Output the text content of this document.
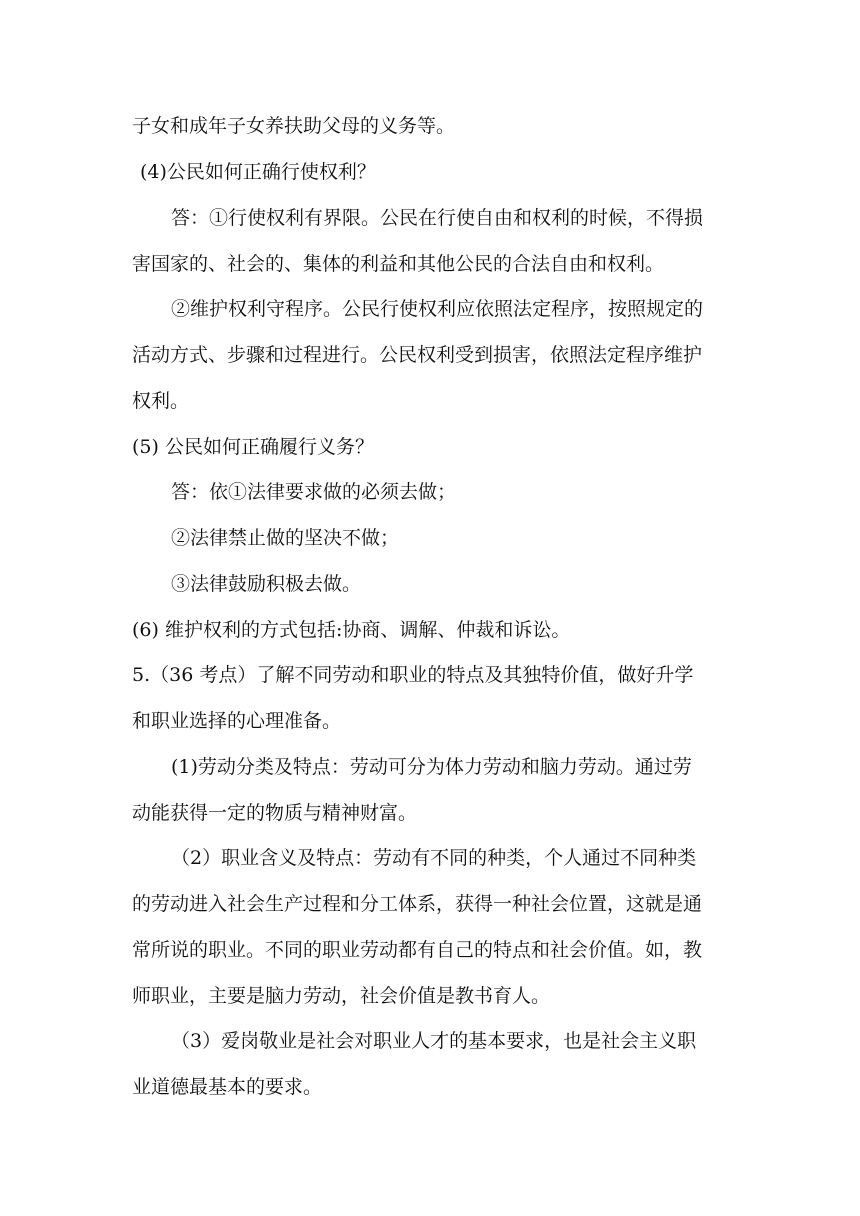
子女和成年子女养扶助父母的义务等。
(4)公民如何正确行使权利？
答：①行使权利有界限。公民在行使自由和权利的时候，不得损
害国家的、社会的、集体的利益和其他公民的合法自由和权利。
②维护权利守程序。公民行使权利应依照法定程序，按照规定的
活动方式、步骤和过程进行。公民权利受到损害，依照法定程序维护
权利。
(5) 公民如何正确履行义务？
答：依①法律要求做的必须去做；
②法律禁止做的坚决不做；
③法律鼓励积极去做。
(6) 维护权利的方式包括:协商、调解、仲裁和诉讼。
5.（36 考点）了解不同劳动和职业的特点及其独特价值，做好升学
和职业选择的心理准备。
(1)劳动分类及特点：劳动可分为体力劳动和脑力劳动。通过劳
动能获得一定的物质与精神财富。
（2）职业含义及特点：劳动有不同的种类，个人通过不同种类
的劳动进入社会生产过程和分工体系，获得一种社会位置，这就是通
常所说的职业。不同的职业劳动都有自己的特点和社会价值。如，教
师职业，主要是脑力劳动，社会价值是教书育人。
（3）爱岗敬业是社会对职业人才的基本要求，也是社会主义职
业道德最基本的要求。
